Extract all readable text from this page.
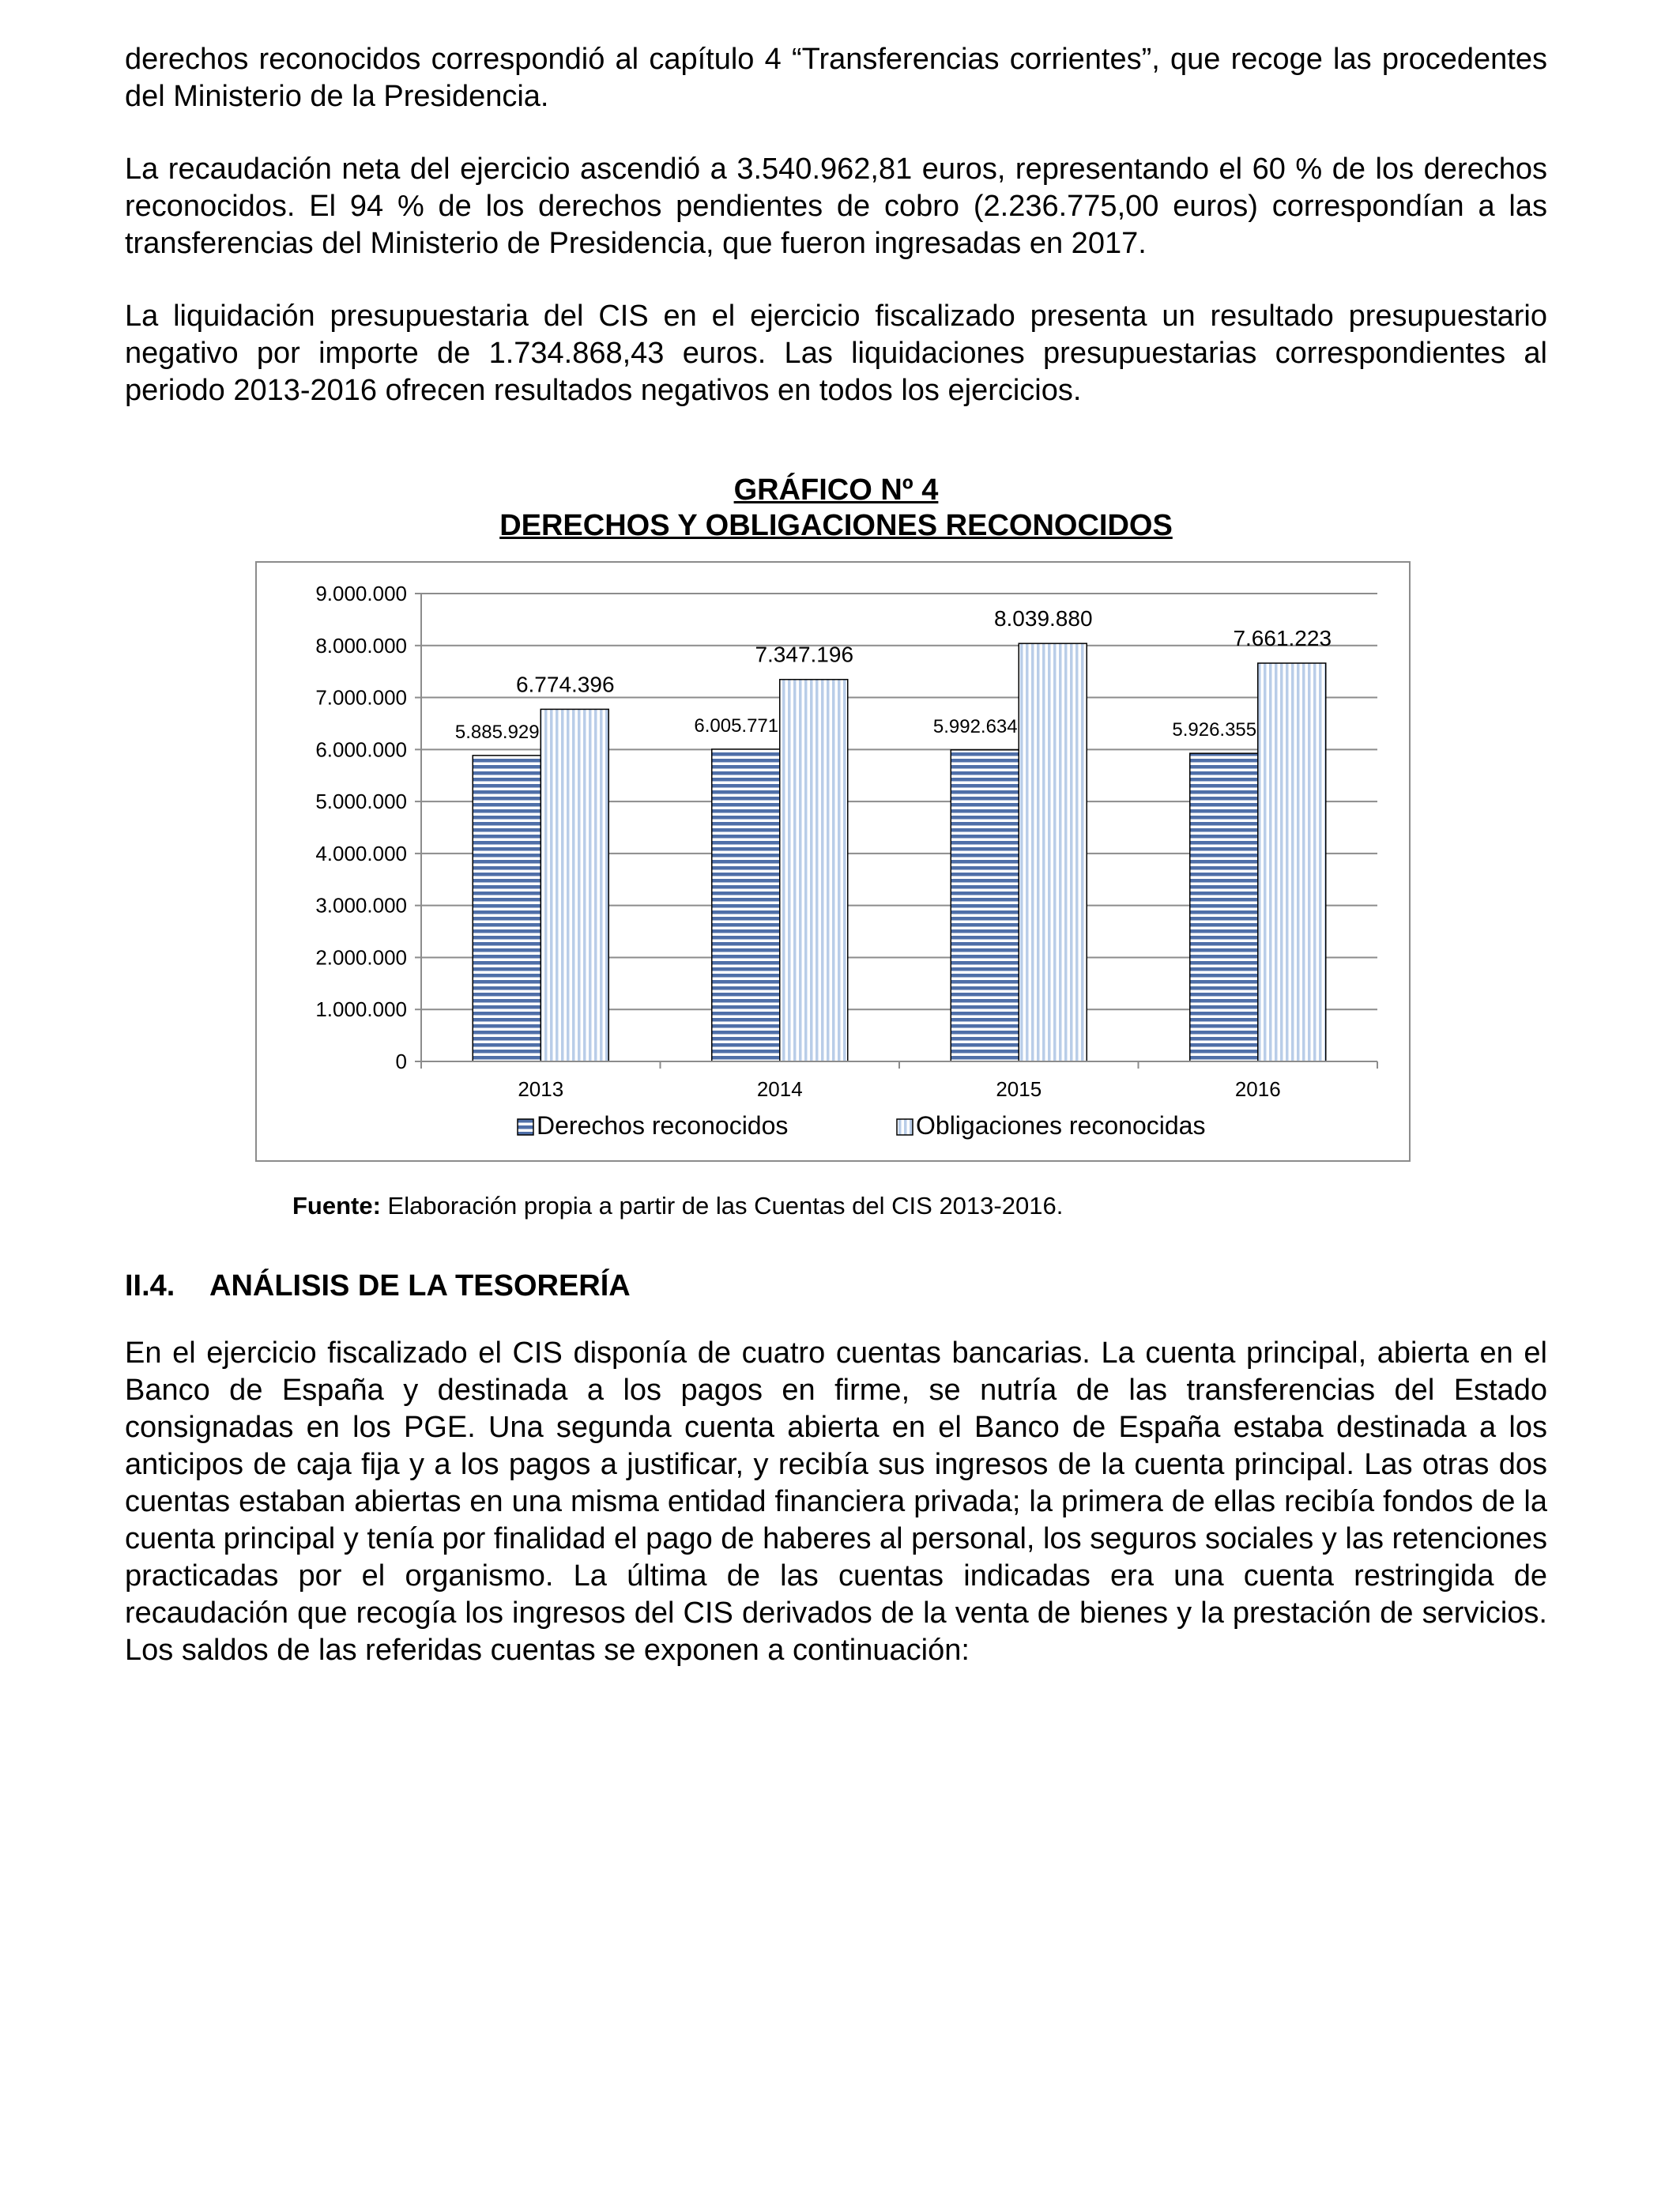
derechos reconocidos correspondió al capítulo 4 “Transferencias corrientes”, que recoge las procedentes del Ministerio de la Presidencia.

La recaudación neta del ejercicio ascendió a 3.540.962,81 euros, representando el 60 % de los derechos reconocidos. El 94 % de los derechos pendientes de cobro (2.236.775,00 euros) correspondían a las transferencias del Ministerio de Presidencia, que fueron ingresadas en 2017.

La liquidación presupuestaria del CIS en el ejercicio fiscalizado presenta un resultado presupuestario negativo por importe de 1.734.868,43 euros. Las liquidaciones presupuestarias correspondientes al periodo 2013-2016 ofrecen resultados negativos en todos los ejercicios.

GRÁFICO Nº 4
DERECHOS Y OBLIGACIONES RECONOCIDOS
0
1.000.000
2.000.000
3.000.000
4.000.000
5.000.000
6.000.000
7.000.000
8.000.000
9.000.000
2013	2014	2015	2016
5.885.929	6.005.771	5.992.634	5.926.355
6.774.396
7.347.196
8.039.880
7.661.223
Derechos reconocidos	Obligaciones reconocidas
Fuente: Elaboración propia a partir de las Cuentas del CIS 2013-2016.
II.4. ANÁLISIS DE LA TESORERÍA

En el ejercicio fiscalizado el CIS disponía de cuatro cuentas bancarias. La cuenta principal, abierta en el Banco de España y destinada a los pagos en firme, se nutría de las transferencias del Estado consignadas en los PGE. Una segunda cuenta abierta en el Banco de España estaba destinada a los anticipos de caja fija y a los pagos a justificar, y recibía sus ingresos de la cuenta principal. Las otras dos cuentas estaban abiertas en una misma entidad financiera privada; la primera de ellas recibía fondos de la cuenta principal y tenía por finalidad el pago de haberes al personal, los seguros sociales y las retenciones practicadas por el organismo. La última de las cuentas indicadas era una cuenta restringida de recaudación que recogía los ingresos del CIS derivados de la venta de bienes y la prestación de servicios. Los saldos de las referidas cuentas se exponen a continuación:
